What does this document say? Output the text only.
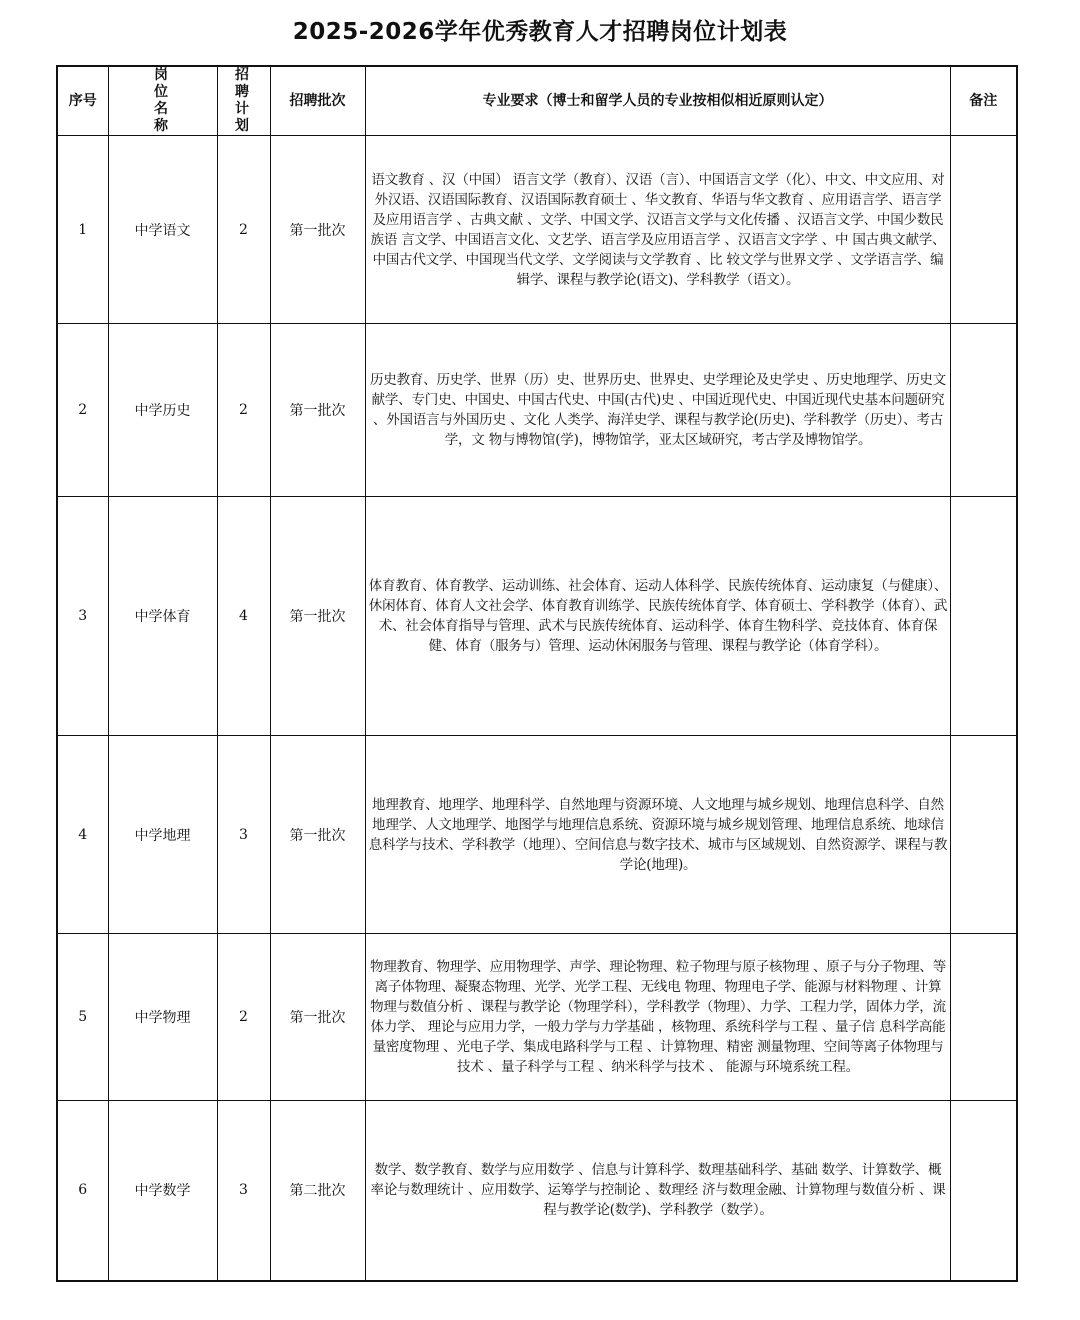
2025-2026学年优秀教育人才招聘岗位计划表
序号	岗位名称	招聘计划	招聘批次	专业要求（博士和留学人员的专业按相似相近原则认定）	备注
1	中学语文	2	第一批次	语文教育 、汉（中国） 语言文学（教育）、汉语（言）、中国语言文学（化）、中文、中文应用、对外汉语、汉语国际教育、汉语国际教育硕士 、华文教育、华语与华文教育 、应用语言学、语言学及应用语言学 、古典文献 、文学、中国文学、汉语言文学与文化传播 、汉语言文学、中国少数民族语 言文学、中国语言文化、文艺学、语言学及应用语言学 、汉语言文字学 、中 国古典文献学、中国古代文学、中国现当代文学、文学阅读与文学教育 、比 较文学与世界文学 、文学语言学、编辑学、课程与教学论(语文)、学科教学（语文）。	
2	中学历史	2	第一批次	历史教育、历史学、世界（历）史、世界历史、世界史、史学理论及史学史 、历史地理学、历史文献学、专门史、中国史、中国古代史、中国(古代)史 、中国近现代史、中国近现代史基本问题研究 、外国语言与外国历史 、文化 人类学、海洋史学、课程与教学论(历史)、学科教学（历史）、考古学，文 物与博物馆(学)，博物馆学，亚太区域研究，考古学及博物馆学。	
3	中学体育	4	第一批次	体育教育、体育教学、运动训练、社会体育、运动人体科学、民族传统体育、运动康复（与健康）、休闲体育、体育人文社会学、体育教育训练学、民族传统体育学、体育硕士、学科教学（体育）、武术、社会体育指导与管理、武术与民族传统体育、运动科学、体育生物科学、竞技体育、体育保健、体育（服务与）管理、运动休闲服务与管理、课程与教学论（体育学科）。	
4	中学地理	3	第一批次	地理教育、地理学、地理科学、自然地理与资源环境、人文地理与城乡规划、地理信息科学、自然地理学、人文地理学、地图学与地理信息系统、资源环境与城乡规划管理、地理信息系统、地球信息科学与技术、学科教学（地理）、空间信息与数字技术、城市与区域规划、自然资源学、课程与教学论(地理)。	
5	中学物理	2	第一批次	物理教育、物理学、应用物理学、声学、理论物理、粒子物理与原子核物理 、原子与分子物理、等离子体物理、凝聚态物理、光学、光学工程、无线电 物理、物理电子学、能源与材料物理 、计算物理与数值分析 、课程与教学论（物理学科），学科教学（物理）、力学、工程力学，固体力学，流体力学、 理论与应用力学，一般力学与力学基础 ，核物理、系统科学与工程 、量子信 息科学高能量密度物理 、光电子学、集成电路科学与工程 、计算物理、精密 测量物理、空间等离子体物理与技术 、量子科学与工程 、纳米科学与技术 、 能源与环境系统工程。	
6	中学数学	3	第二批次	数学、数学教育、数学与应用数学 、信息与计算科学、数理基础科学、基础 数学、计算数学、概率论与数理统计 、应用数学、运筹学与控制论 、数理经 济与数理金融、计算物理与数值分析 、课程与教学论(数学)、学科教学（数学）。	
